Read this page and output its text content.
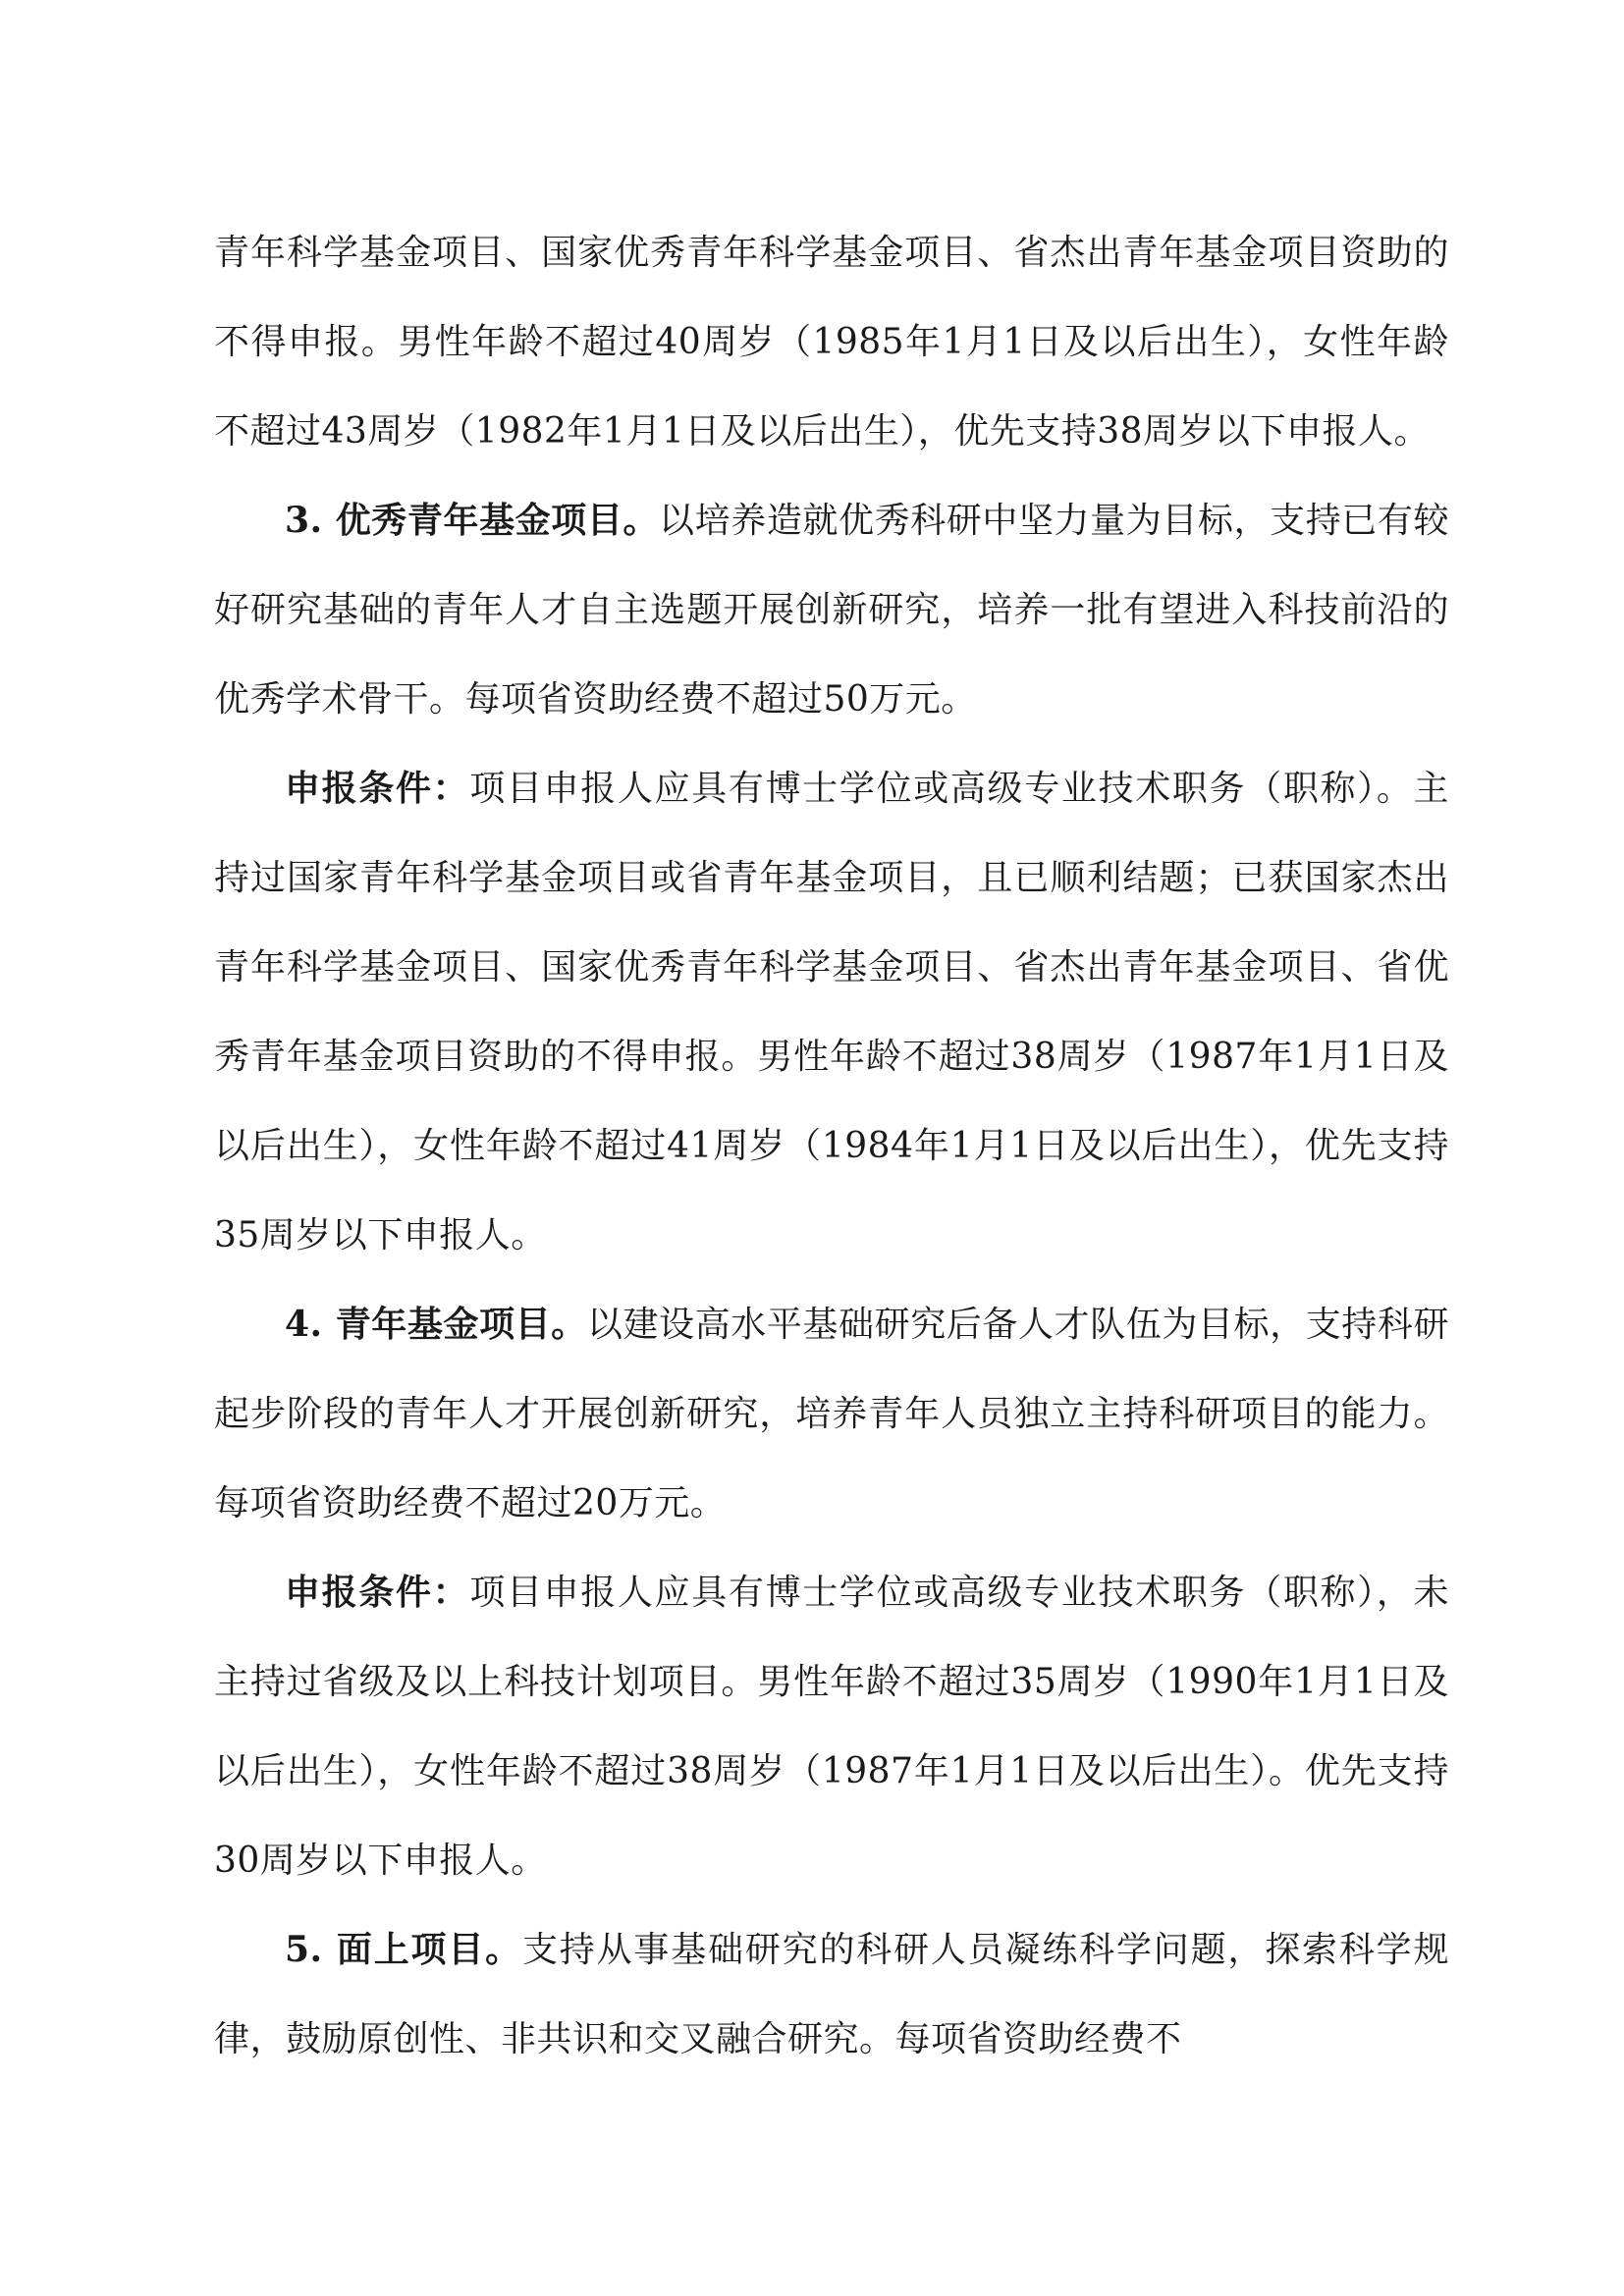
青年科学基金项目、国家优秀青年科学基金项目、省杰出青年基金项目资助的不得申报。男性年龄不超过40周岁（1985年1月1日及以后出生），女性年龄不超过43周岁（1982年1月1日及以后出生），优先支持38周岁以下申报人。

3. 优秀青年基金项目。以培养造就优秀科研中坚力量为目标，支持已有较好研究基础的青年人才自主选题开展创新研究，培养一批有望进入科技前沿的优秀学术骨干。每项省资助经费不超过50万元。

申报条件：项目申报人应具有博士学位或高级专业技术职务（职称）。主持过国家青年科学基金项目或省青年基金项目，且已顺利结题；已获国家杰出青年科学基金项目、国家优秀青年科学基金项目、省杰出青年基金项目、省优秀青年基金项目资助的不得申报。男性年龄不超过38周岁（1987年1月1日及以后出生），女性年龄不超过41周岁（1984年1月1日及以后出生），优先支持35周岁以下申报人。

4. 青年基金项目。以建设高水平基础研究后备人才队伍为目标，支持科研起步阶段的青年人才开展创新研究，培养青年人员独立主持科研项目的能力。每项省资助经费不超过20万元。

申报条件：项目申报人应具有博士学位或高级专业技术职务（职称），未主持过省级及以上科技计划项目。男性年龄不超过35周岁（1990年1月1日及以后出生），女性年龄不超过38周岁（1987年1月1日及以后出生）。优先支持30周岁以下申报人。

5. 面上项目。支持从事基础研究的科研人员凝练科学问题，探索科学规律，鼓励原创性、非共识和交叉融合研究。每项省资助经费不
